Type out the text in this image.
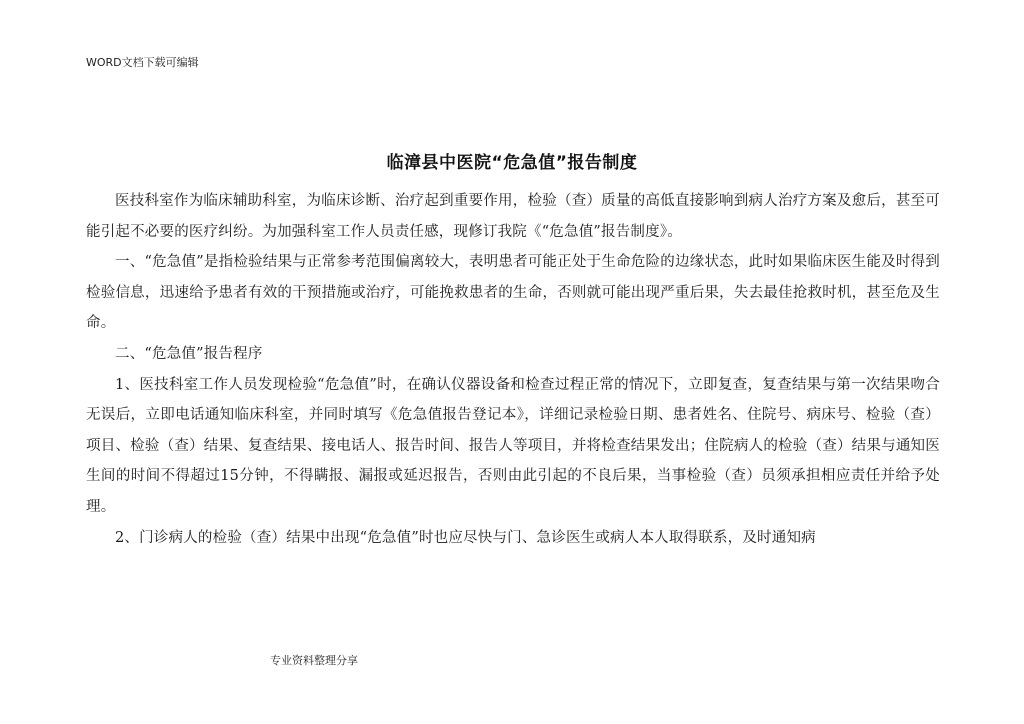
WORD文档下载可编辑
临漳县中医院“危急值”报告制度

医技科室作为临床辅助科室，为临床诊断、治疗起到重要作用，检验（查）质量的高低直接影响到病人治疗方案及愈后，甚至可能引起不必要的医疗纠纷。为加强科室工作人员责任感，现修订我院《“危急值”报告制度》。

一、“危急值”是指检验结果与正常参考范围偏离较大，表明患者可能正处于生命危险的边缘状态，此时如果临床医生能及时得到检验信息，迅速给予患者有效的干预措施或治疗，可能挽救患者的生命，否则就可能出现严重后果，失去最佳抢救时机，甚至危及生命。

二、“危急值”报告程序

1、医技科室工作人员发现检验“危急值”时，在确认仪器设备和检查过程正常的情况下，立即复查，复查结果与第一次结果吻合无误后，立即电话通知临床科室，并同时填写《危急值报告登记本》，详细记录检验日期、患者姓名、住院号、病床号、检验（查）项目、检验（查）结果、复查结果、接电话人、报告时间、报告人等项目，并将检查结果发出；住院病人的检验（查）结果与通知医生间的时间不得超过15分钟，不得瞒报、漏报或延迟报告，否则由此引起的不良后果，当事检验（查）员须承担相应责任并给予处理。

2、门诊病人的检验（查）结果中出现“危急值”时也应尽快与门、急诊医生或病人本人取得联系，及时通知病

专业资料整理分享
